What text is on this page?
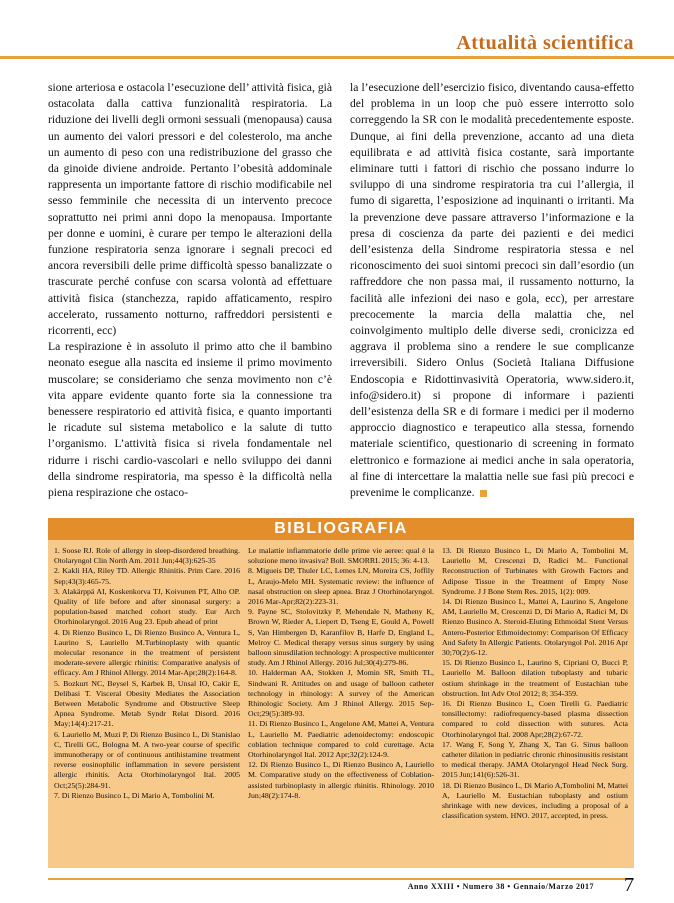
Attualità scientifica

sione arteriosa e ostacola l’esecuzione dell’ attività fisica, già ostacolata dalla cattiva funzionalità respiratoria. La riduzione dei livelli degli ormoni sessuali (menopausa) causa un aumento dei valori pressori e del colesterolo, ma anche un aumento di peso con una redistribuzione del grasso che da ginoide diviene androide. Pertanto l’obesità addominale rappresenta un importante fattore di rischio modificabile nel sesso femminile che necessita di un intervento precoce soprattutto nei primi anni dopo la menopausa. Importante per donne e uomini, è curare per tempo le alterazioni della funzione respiratoria senza ignorare i segnali precoci ed ancora reversibili delle prime difficoltà spesso banalizzate o trascurate perché confuse con scarsa volontà ad effettuare attività fisica (stanchezza, rapido affaticamento, respiro accelerato, russamento notturno, raffreddori persistenti e ricorrenti, ecc)

La respirazione è in assoluto il primo atto che il bambino neonato esegue alla nascita ed insieme il primo movimento muscolare; se consideriamo che senza movimento non c’è vita appare evidente quanto forte sia la connessione tra benessere respiratorio ed attività fisica, e quanto importanti le ricadute sul sistema metabolico e la salute di tutto l’organismo. L’attività fisica si rivela fondamentale nel ridurre i rischi cardio-vascolari e nello sviluppo dei danni della sindrome respiratoria, ma spesso è la difficoltà nella piena respirazione che ostaco-

la l’esecuzione dell’esercizio fisico, diventando causa-effetto del problema in un loop che può essere interrotto solo correggendo la SR con le modalità precedentemente esposte. Dunque, ai fini della prevenzione, accanto ad una dieta equilibrata e ad attività fisica costante, sarà importante eliminare tutti i fattori di rischio che possano indurre lo sviluppo di una sindrome respiratoria tra cui l’allergia, il fumo di sigaretta, l’esposizione ad inquinanti o irritanti. Ma la prevenzione deve passare attraverso l’informazione e la presa di coscienza da parte dei pazienti e dei medici dell’esistenza della Sindrome respiratoria stessa e nel riconoscimento dei suoi sintomi precoci sin dall’esordio (un raffreddore che non passa mai, il russamento notturno, la facilità alle infezioni dei naso e gola, ecc), per arrestare precocemente la marcia della malattia che, nel coinvolgimento multiplo delle diverse sedi, cronicizza ed aggrava il problema sino a rendere le sue complicanze irreversibili. Sidero Onlus (Società Italiana Diffusione Endoscopia e Ridottinvasività Operatoria, www.sidero.it, info@sidero.it) si propone di informare i pazienti dell’esistenza della SR e di formare i medici per il moderno approccio diagnostico e terapeutico alla stessa, fornendo materiale scientifico, questionario di screening in formato elettronico e formazione ai medici anche in sala operatoria, al fine di intercettare la malattia nelle sue fasi più precoci e prevenime le complicanze.

BIBLIOGRAFIA
1. Soose RJ. Role of allergy in sleep-disordered breathing. Otolaryngol Clin North Am. 2011 Jun;44(3):625-35
2. Kakli HA, Riley TD. Allergic Rhinitis. Prim Care. 2016 Sep;43(3):465-75.
3. Alakärppä AI, Koskenkorva TJ, Koivunen PT, Alho OP. Quality of life before and after sinonasal surgery: a population-based matched cohort study. Eur Arch Otorhinolaryngol. 2016 Aug 23. Epub ahead of print
4. Di Rienzo Businco L, Di Rienzo Businco A, Ventura L, Laurino S, Lauriello M.Turbinoplasty with quantic molecular resonance in the treatment of persistent moderate-severe allergic rhinitis: Comparative analysis of efficacy. Am J Rhinol Allergy. 2014 Mar-Apr;28(2):164-8.
5. Bozkurt NC, Beysel S, Karbek B, Unsal IO, Cakir E, Delibasi T. Visceral Obesity Mediates the Association Between Metabolic Syndrome and Obstructive Sleep Apnea Syndrome. Metab Syndr Relat Disord. 2016 May;14(4):217-21.
6. Lauriello M, Muzi P, Di Rienzo Businco L, Di Stanislao C, Tirelli GC, Bologna M. A two-year course of specific immunotherapy or of continuous antihistamine treatment reverse eosinophilic inflammation in severe persistent allergic rhinitis. Acta Otorhinolaryngol Ital. 2005 Oct;25(5):284-91.
7. Di Rienzo Businco L, Di Mario A, Tombolini M.
Le malattie infiammatorie delle prime vie aeree: qual è la soluzione meno invasiva? Boll. SMORRL 2015; 36: 4-13.
8. Migueis DP, Thuler LC, Lemes LN, Moreira CS, Joffily L, Araujo-Melo MH. Systematic review: the influence of nasal obstruction on sleep apnea. Braz J Otorhinolaryngol. 2016 Mar-Apr;82(2):223-31.
9. Payne SC, Stolovitzky P, Mehendale N, Matheny K, Brown W, Rieder A, Liepert D, Tseng E, Gould A, Powell S, Van Himbergen D, Karanfilov B, Harfe D, England L, Melroy C. Medical therapy versus sinus surgery by using balloon sinusdilation technology: A prospective multicenter study. Am J Rhinol Allergy. 2016 Jul;30(4):279-86.
10. Halderman AA, Stokken J, Momin SR, Smith TL, Sindwani R. Attitudes on and usage of balloon catheter technology in rhinology: A survey of the American Rhinologic Society. Am J Rhinol Allergy. 2015 Sep-Oct;29(5):389-93.
11. Di Rienzo Businco L, Angelone AM, Mattei A, Ventura L, Lauriello M. Paediatric adenoidectomy: endoscopic coblation technique compared to cold curettage. Acta Otorhinolaryngol Ital. 2012 Apr;32(2):124-9.
12. Di Rienzo Businco L, Di Rienzo Businco A, Lauriello M. Comparative study on the effectiveness of Coblation-assisted turbinoplasty in allergic rhinitis. Rhinology. 2010 Jun;48(2):174-8.
13. Di Rienzo Businco L, Di Mario A, Tombolini M, Lauriello M, Crescenzi D, Radici M.. Functional Reconstruction of Turbinates with Growth Factors and Adipose Tissue in the Treatment of Empty Nose Syndrome. J J Bone Stem Res. 2015, 1(2): 009.
14. Di Rienzo Businco L, Mattei A, Laurino S, Angelone AM, Lauriello M, Crescenzi D, Di Mario A, Radici M, Di Rienzo Businco A. Steroid-Eluting Ethmoidal Stent Versus Antero-Posterior Ethmoidectomy: Comparison Of Efficacy And Safety In Allergic Patients. Otolaryngol Pol. 2016 Apr 30;70(2):6-12.
15. Di Rienzo Businco L, Laurino S, Cipriani O, Bucci P, Lauriello M. Balloon dilation tuboplasty and tubaric ostium shrinkage in the treatment of Eustachian tube obstruction. Int Adv Otol 2012; 8; 354-359.
16. Di Rienzo Businco L, Coen Tirelli G. Paediatric tonsillectomy: radiofrequency-based plasma dissection compared to cold dissection with sutures. Acta Otorhinolaryngol Ital. 2008 Apr;28(2):67-72.
17. Wang F, Song Y, Zhang X, Tan G. Sinus balloon catheter dilation in pediatric chronic rhinosinusitis resistant to medical therapy. JAMA Otolaryngol Head Neck Surg. 2015 Jun;141(6):526-31.
18. Di Rienzo Businco L, Di Mario A,Tombolini M, Mattei A, Lauriello M. Eustachian tuboplasty and ostium shrinkage with new devices, including a proposal of a classification system. HNO. 2017, accepted, in press.
Anno XXIII • Numero 38 • Gennaio/Marzo 2017 7
